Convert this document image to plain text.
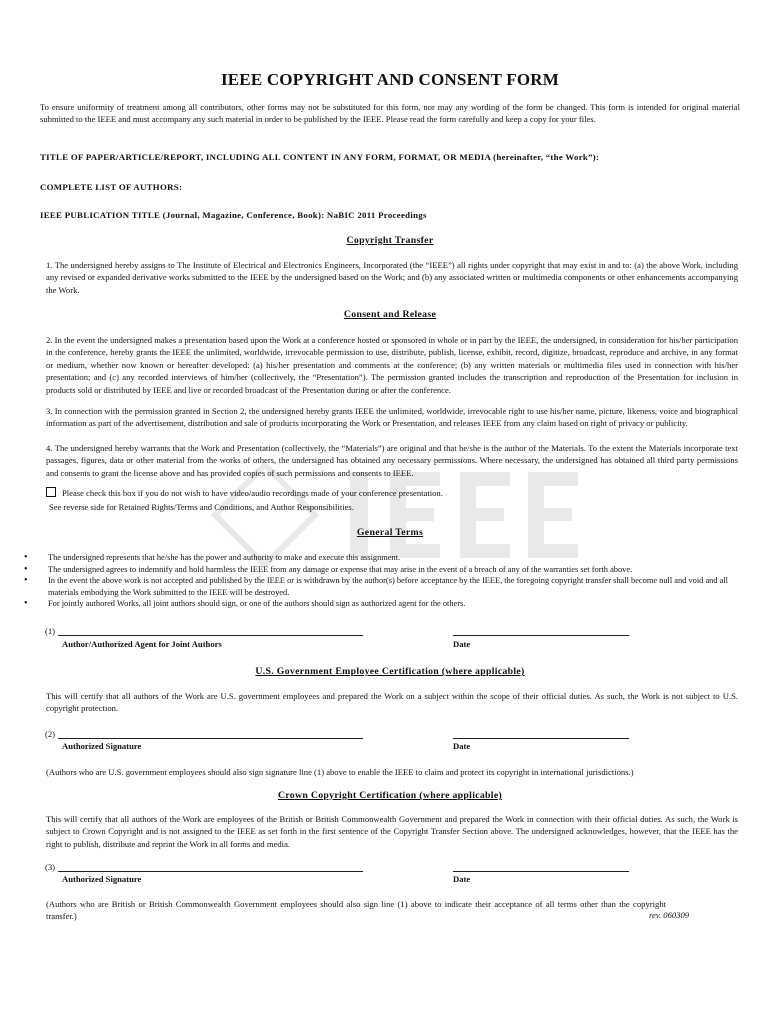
IEEE COPYRIGHT AND CONSENT FORM
To ensure uniformity of treatment among all contributors, other forms may not be substituted for this form, nor may any wording of the form be changed. This form is intended for original material submitted to the IEEE and must accompany any such material in order to be published by the IEEE. Please read the form carefully and keep a copy for your files.
TITLE OF PAPER/ARTICLE/REPORT, INCLUDING ALL CONTENT IN ANY FORM, FORMAT, OR MEDIA (hereinafter, “the Work”):
COMPLETE LIST OF AUTHORS:
IEEE PUBLICATION TITLE (Journal, Magazine, Conference, Book): NaBIC 2011 Proceedings
Copyright Transfer
1. The undersigned hereby assigns to The Institute of Electrical and Electronics Engineers, Incorporated (the “IEEE”) all rights under copyright that may exist in and to: (a) the above Work, including any revised or expanded derivative works submitted to the IEEE by the undersigned based on the Work; and (b) any associated written or multimedia components or other enhancements accompanying the Work.
Consent and Release
2. In the event the undersigned makes a presentation based upon the Work at a conference hosted or sponsored in whole or in part by the IEEE, the undersigned, in consideration for his/her participation in the conference, hereby grants the IEEE the unlimited, worldwide, irrevocable permission to use, distribute, publish, license, exhibit, record, digitize, broadcast, reproduce and archive, in any format or medium, whether now known or hereafter developed: (a) his/her presentation and comments at the conference; (b) any written materials or multimedia files used in connection with his/her presentation; and (c) any recorded interviews of him/her (collectively, the “Presentation”). The permission granted includes the transcription and reproduction of the Presentation for inclusion in products sold or distributed by IEEE and live or recorded broadcast of the Presentation during or after the conference.
3. In connection with the permission granted in Section 2, the undersigned hereby grants IEEE the unlimited, worldwide, irrevocable right to use his/her name, picture, likeness, voice and biographical information as part of the advertisement, distribution and sale of products incorporating the Work or Presentation, and releases IEEE from any claim based on right of privacy or publicity.
4. The undersigned hereby warrants that the Work and Presentation (collectively, the “Materials”) are original and that he/she is the author of the Materials. To the extent the Materials incorporate text passages, figures, data or other material from the works of others, the undersigned has obtained any necessary permissions. Where necessary, the undersigned has obtained all third party permissions and consents to grant the license above and has provided copies of such permissions and consents to IEEE.
Please check this box if you do not wish to have video/audio recordings made of your conference presentation.
See reverse side for Retained Rights/Terms and Conditions, and Author Responsibilities.
General Terms
• The undersigned represents that he/she has the power and authority to make and execute this assignment.
• The undersigned agrees to indemnify and hold harmless the IEEE from any damage or expense that may arise in the event of a breach of any of the warranties set forth above.
• In the event the above work is not accepted and published by the IEEE or is withdrawn by the author(s) before acceptance by the IEEE, the foregoing copyright transfer shall become null and void and all materials embodying the Work submitted to the IEEE will be destroyed.
• For jointly authored Works, all joint authors should sign, or one of the authors should sign as authorized agent for the others.
(1)
Author/Authorized Agent for Joint Authors	Date
U.S. Government Employee Certification (where applicable)
This will certify that all authors of the Work are U.S. government employees and prepared the Work on a subject within the scope of their official duties. As such, the Work is not subject to U.S. copyright protection.
(2)
Authorized Signature	Date
(Authors who are U.S. government employees should also sign signature line (1) above to enable the IEEE to claim and protect its copyright in international jurisdictions.)
Crown Copyright Certification (where applicable)
This will certify that all authors of the Work are employees of the British or British Commonwealth Government and prepared the Work in connection with their official duties. As such, the Work is subject to Crown Copyright and is not assigned to the IEEE as set forth in the first sentence of the Copyright Transfer Section above. The undersigned acknowledges, however, that the IEEE has the right to publish, distribute and reprint the Work in all forms and media.
(3)
Authorized Signature	Date
(Authors who are British or British Commonwealth Government employees should also sign line (1) above to indicate their acceptance of all terms other than the copyright transfer.)	rev. 060309
